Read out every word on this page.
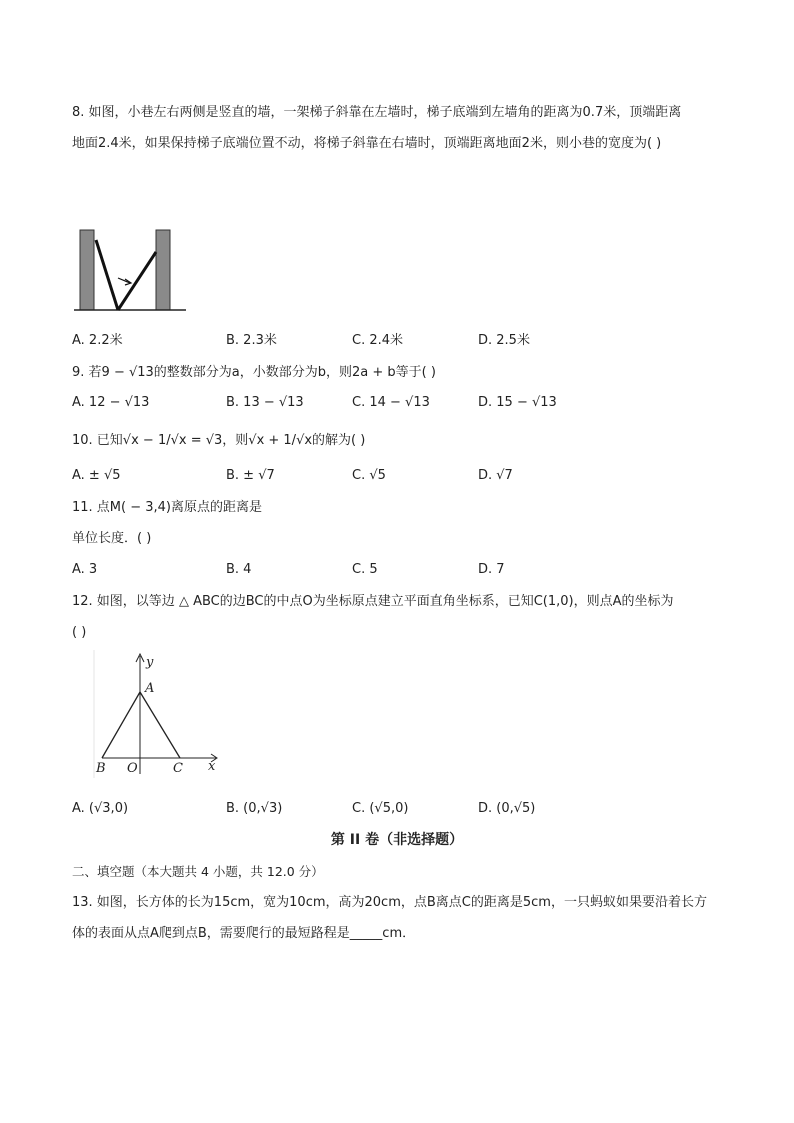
8. 如图，小巷左右两侧是竖直的墙，一架梯子斜靠在左墙时，梯子底端到左墙角的距离为0.7米，顶端距离
地面2.4米，如果保持梯子底端位置不动，将梯子斜靠在右墙时，顶端距离地面2米，则小巷的宽度为( )
A. 2.2米	B. 2.3米	C. 2.4米	D. 2.5米
9. 若9 − √13的整数部分为a，小数部分为b，则2a + b等于( )
A. 12 − √13	B. 13 − √13	C. 14 − √13	D. 15 − √13
10. 已知√x − 1/√x = √3，则√x + 1/√x的解为( )
A. ± √5	B. ± √7	C. √5	D. √7
11. 点M( − 3,4)离原点的距离是
单位长度．( )
A. 3	B. 4	C. 5	D. 7
12. 如图，以等边 △ ABC的边BC的中点O为坐标原点建立平面直角坐标系，已知C(1,0)，则点A的坐标为
( )
y
A
B O	C x
A. (√3,0)	B. (0,√3)	C. (√5,0)	D. (0,√5)
第 II 卷（非选择题）
二、填空题（本大题共 4 小题，共 12.0 分）
13. 如图，长方体的长为15cm，宽为10cm，高为20cm，点B离点C的距离是5cm，一只蚂蚁如果要沿着长方
体的表面从点A爬到点B，需要爬行的最短路程是_____cm．
